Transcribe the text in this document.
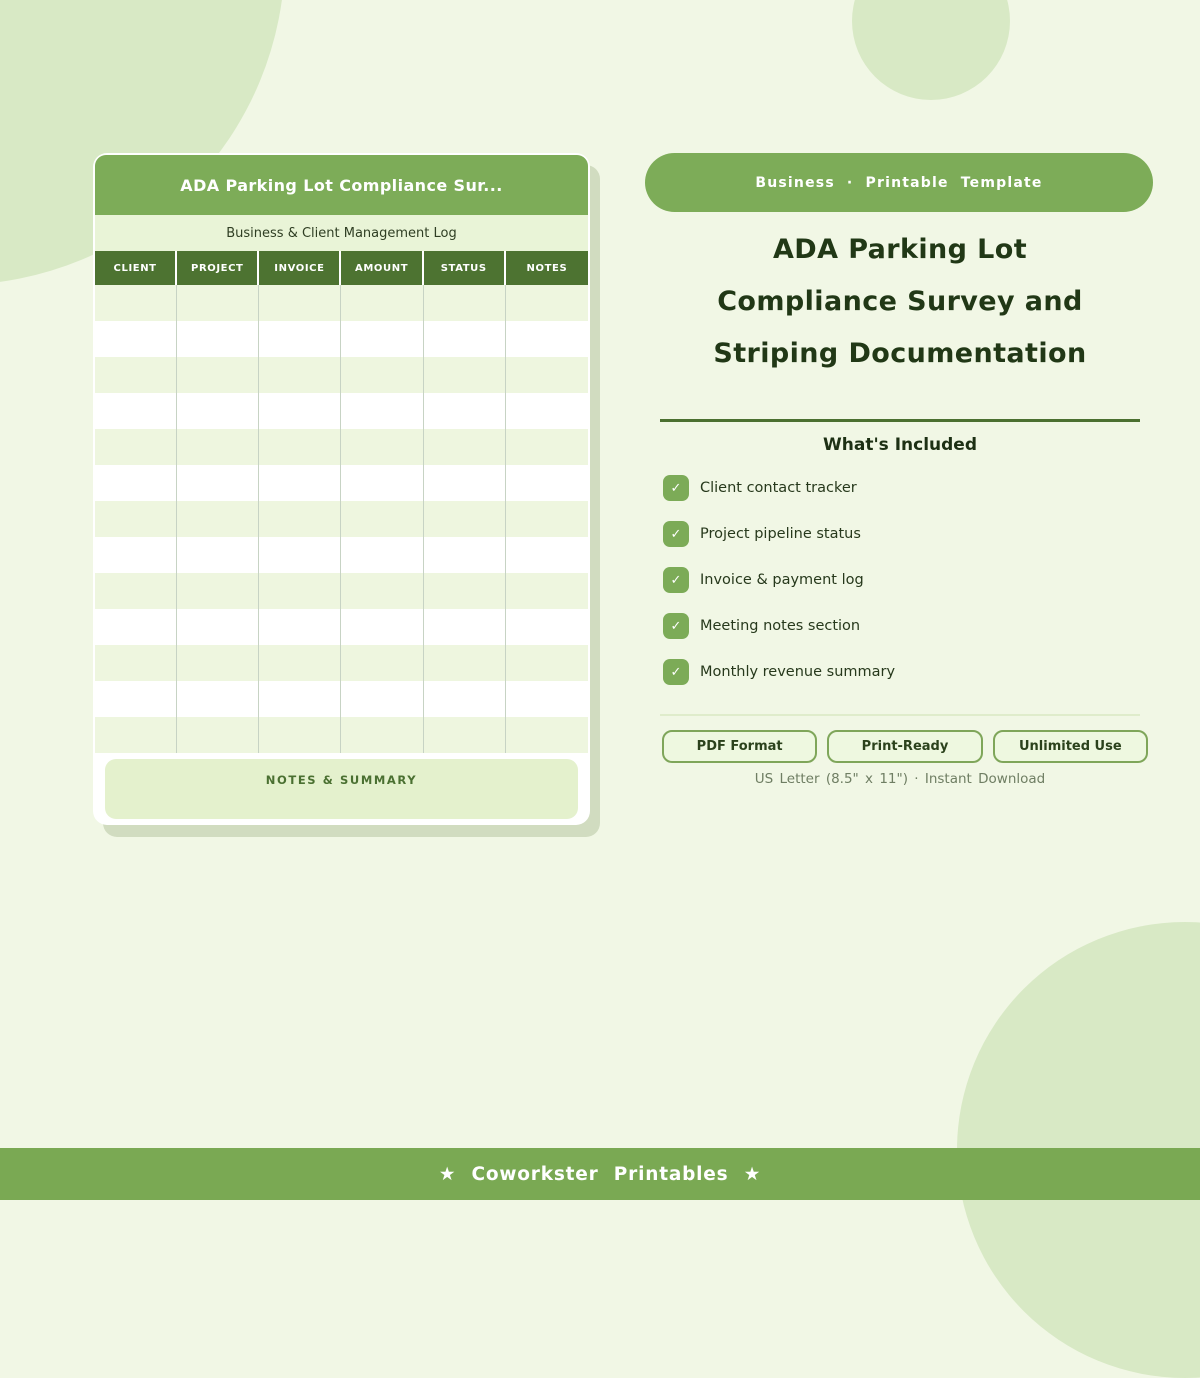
ADA Parking Lot Compliance Sur...
Business & Client Management Log
CLIENT	PROJECT	INVOICE	AMOUNT	STATUS	NOTES
NOTES & SUMMARY
Business · Printable Template
ADA Parking Lot
Compliance Survey and
Striping Documentation
What's Included
✓	Client contact tracker
✓	Project pipeline status
✓	Invoice & payment log
✓	Meeting notes section
✓	Monthly revenue summary
PDF Format	Print-Ready	Unlimited Use
US Letter (8.5" x 11") · Instant Download
★ Coworkster Printables ★
